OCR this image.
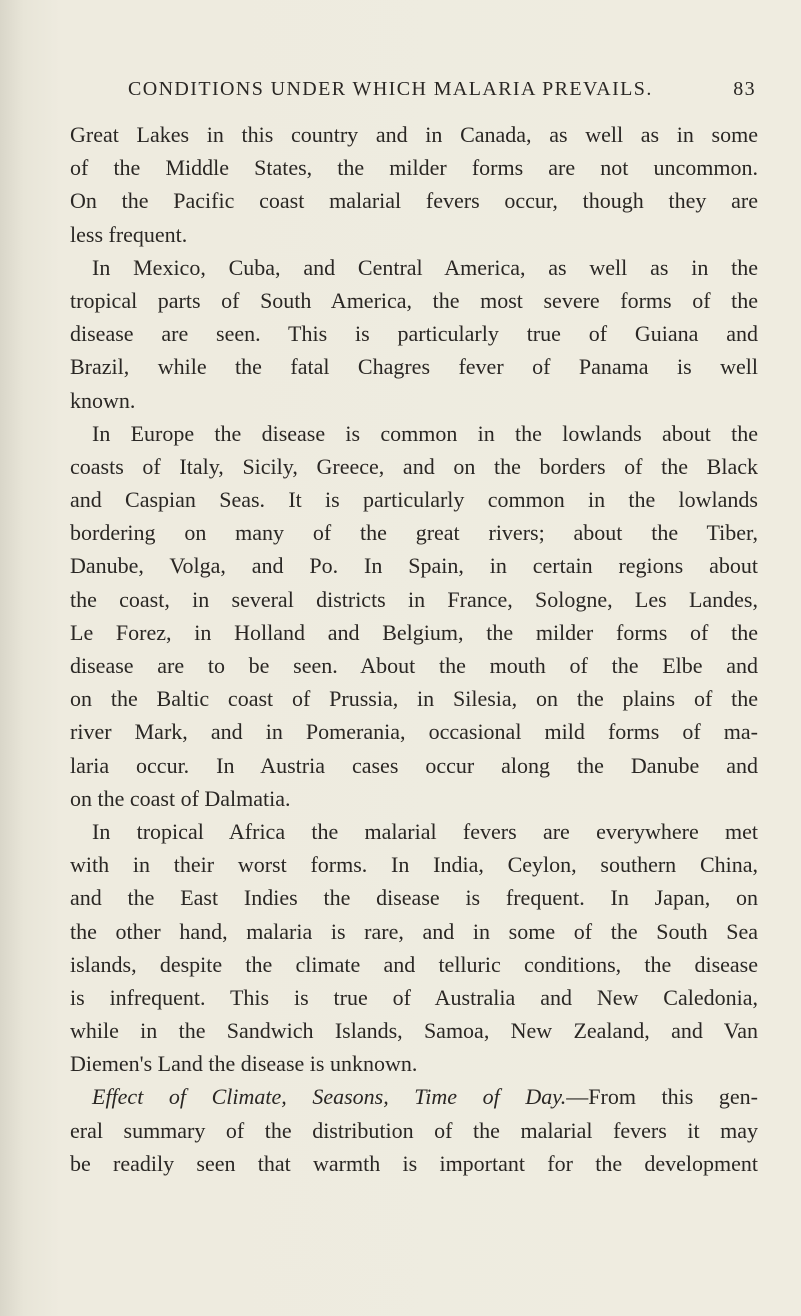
CONDITIONS UNDER WHICH MALARIA PREVAILS.	83
Great Lakes in this country and in Canada, as well as in some
of the Middle States, the milder forms are not uncommon.
On the Pacific coast malarial fevers occur, though they are
less frequent.
In Mexico, Cuba, and Central America, as well as in the
tropical parts of South America, the most severe forms of the
disease are seen. This is particularly true of Guiana and
Brazil, while the fatal Chagres fever of Panama is well
known.
In Europe the disease is common in the lowlands about the
coasts of Italy, Sicily, Greece, and on the borders of the Black
and Caspian Seas. It is particularly common in the lowlands
bordering on many of the great rivers; about the Tiber,
Danube, Volga, and Po. In Spain, in certain regions about
the coast, in several districts in France, Sologne, Les Landes,
Le Forez, in Holland and Belgium, the milder forms of the
disease are to be seen. About the mouth of the Elbe and
on the Baltic coast of Prussia, in Silesia, on the plains of the
river Mark, and in Pomerania, occasional mild forms of ma-
laria occur. In Austria cases occur along the Danube and
on the coast of Dalmatia.
In tropical Africa the malarial fevers are everywhere met
with in their worst forms. In India, Ceylon, southern China,
and the East Indies the disease is frequent. In Japan, on
the other hand, malaria is rare, and in some of the South Sea
islands, despite the climate and telluric conditions, the disease
is infrequent. This is true of Australia and New Caledonia,
while in the Sandwich Islands, Samoa, New Zealand, and Van
Diemen's Land the disease is unknown.
Effect of Climate, Seasons, Time of Day.—From this gen-
eral summary of the distribution of the malarial fevers it may
be readily seen that warmth is important for the development
